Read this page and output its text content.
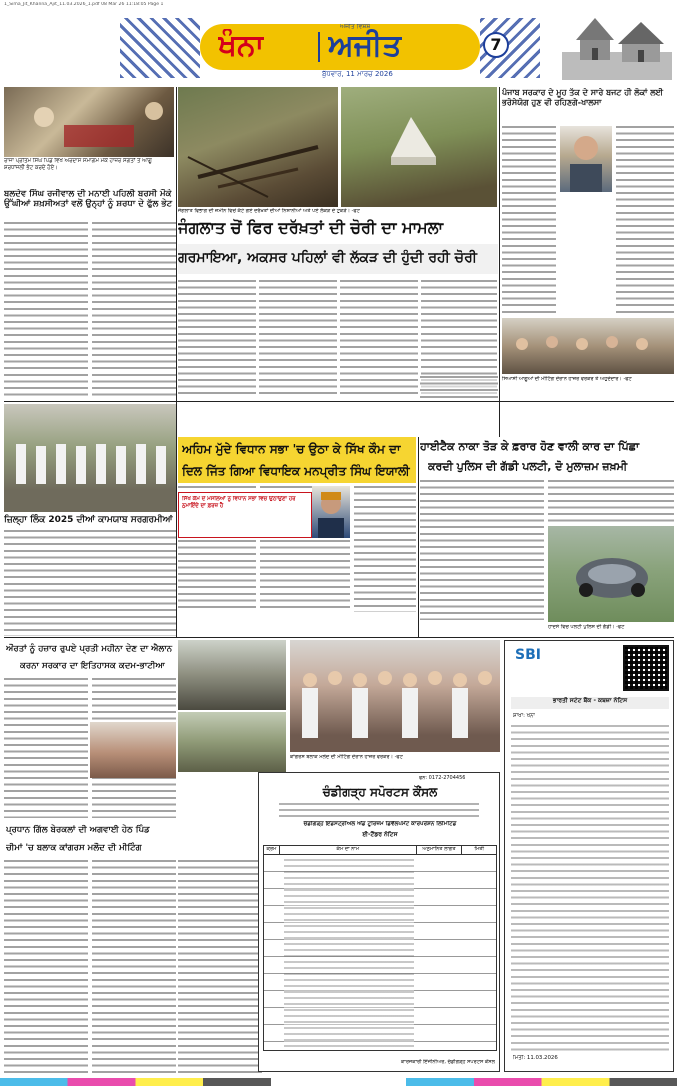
1_Sima_Jit_Khanna_Ajit_11.03.2026_1.pdf 08 Mar 26 11:18:05 Page 1
ਖੰਨਾ ਅਜੀਤ
ਅਜੀਤ ਵਿਸ਼ੇਸ਼
ਬੁੱਧਵਾਰ, 11 ਮਾਰਚ 2026
7
ਰਾਜਾ ਪ੍ਰੀਤਮ ਸਿੰਘ ਪਿੰਡ ਵਿਖੇ ਅਰਦਾਸ ਸਮਾਗਮ ਮੌਕੇ ਹਾਜ਼ਰ ਸੰਗਤਾਂ ਤੇ ਆਗੂ ਸ਼ਰਧਾਂਜਲੀ ਭੇਟ ਕਰਦੇ ਹੋਏ।
ਬਲਦੇਵ ਸਿੰਘ ਰਜੀਵਾਲ ਦੀ ਮਨਾਈ ਪਹਿਲੀ ਬਰਸੀ ਮੌਕੇ ਉੱਘੀਆਂ ਸ਼ਖ਼ਸੀਅਤਾਂ ਵਲੋਂ ਉਨ੍ਹਾਂ ਨੂੰ ਸ਼ਰਧਾ ਦੇ ਫੁੱਲ ਭੇਟ
ਜੰਗਲਾਤ ਵਿਭਾਗ ਦੀ ਜ਼ਮੀਨ ਵਿਚੋਂ ਕੱਟੇ ਗਏ ਦਰੱਖ਼ਤਾਂ ਦੀਆਂ ਨਿਸ਼ਾਨੀਆਂ ਅਤੇ ਪਏ ਲੱਕੜ ਦੇ ਟੁਕੜੇ। -ਫੋਟੋ
ਜੰਗਲਾਤ ਚੋਂ ਫਿਰ ਦਰੱਖ਼ਤਾਂ ਦੀ ਚੋਰੀ ਦਾ ਮਾਮਲਾ
ਗਰਮਾਇਆ, ਅਕਸਰ ਪਹਿਲਾਂ ਵੀ ਲੱਕੜ ਦੀ ਹੁੰਦੀ ਰਹੀ ਚੋਰੀ
ਪੰਜਾਬ ਸਰਕਾਰ ਦੇ ਮੂਹ ਤੱਕ ਦੇ ਸਾਰੇ ਬਜਟ ਹੀ ਲੋਕਾਂ ਲਈ ਭਰੋਸੇਯੋਗ ਹੁਣ ਵੀ ਰਹਿਣਗੇ-ਖਾਲਸਾ
ਸਿਆਸੀ ਆਗੂਆਂ ਦੀ ਮੀਟਿੰਗ ਦੌਰਾਨ ਹਾਜ਼ਰ ਵਰਕਰ ਤੇ ਅਹੁਦੇਦਾਰ। -ਫੋਟੋ
ਜ਼ਿਲ੍ਹਾ ਲਿੰਕ 2025 ਦੀਆਂ ਕਾਮਯਾਬ ਸਰਗਰਮੀਆਂ
ਅਹਿਮ ਮੁੱਦੇ ਵਿਧਾਨ ਸਭਾ 'ਚ ਉਠਾ ਕੇ ਸਿੱਖ ਕੌਮ ਦਾ
ਦਿਲ ਜਿੱਤ ਗਿਆ ਵਿਧਾਇਕ ਮਨਪ੍ਰੀਤ ਸਿੰਘ ਇਯਾਲੀ
ਸਿੱਖ ਕੌਮ ਦੇ ਮਸਲਿਆਂ ਨੂੰ ਵਿਧਾਨ ਸਭਾ ਵਿਚ ਉਠਾਉਣਾ ਹਰ ਨੁਮਾਇੰਦੇ ਦਾ ਫ਼ਰਜ਼ ਹੈ
ਹਾਈਟੈਕ ਨਾਕਾ ਤੋੜ ਕੇ ਫ਼ਰਾਰ ਹੋਣ ਵਾਲੀ ਕਾਰ ਦਾ ਪਿੱਛਾ
ਕਰਦੀ ਪੁਲਿਸ ਦੀ ਗੱਡੀ ਪਲਟੀ, ਦੋ ਮੁਲਾਜ਼ਮ ਜ਼ਖ਼ਮੀ
ਹਾਦਸੇ ਵਿਚ ਪਲਟੀ ਪੁਲਿਸ ਦੀ ਗੱਡੀ। -ਫੋਟੋ
ਔਰਤਾਂ ਨੂੰ ਹਜ਼ਾਰ ਰੁਪਏ ਪ੍ਰਤੀ ਮਹੀਨਾ ਦੇਣ ਦਾ ਐਲਾਨ
ਕਰਨਾ ਸਰਕਾਰ ਦਾ ਇਤਿਹਾਸਕ ਕਦਮ-ਭਾਟੀਆ
ਕਾਂਗਰਸ ਬਲਾਕ ਮਲੌਦ ਦੀ ਮੀਟਿੰਗ ਦੌਰਾਨ ਹਾਜ਼ਰ ਵਰਕਰ। -ਫੋਟੋ
ਪ੍ਰਧਾਨ ਗਿੱਲ ਬੇਰਕਲਾਂ ਦੀ ਅਗਵਾਈ ਹੇਠ ਪਿੰਡ
ਚੀਮਾਂ 'ਚ ਬਲਾਕ ਕਾਂਗਰਸ ਮਲੌਦ ਦੀ ਮੀਟਿੰਗ
ਫੋਨ: 0172-2704456
ਚੰਡੀਗੜ੍ਹ ਸਪੋਰਟਸ ਕੌਂਸਲ
ਚੰਡੀਗੜ੍ਹ ਇੰਡਸਟ੍ਰੀਅਲ ਐਂਡ ਟੂਰਿਜ਼ਮ ਡਿਵੈਲਪਮੈਂਟ ਕਾਰਪੋਰੇਸ਼ਨ ਲਿਮਿਟਿਡ
ਈ-ਟੈਂਡਰ ਨੋਟਿਸ
ਕ੍ਰਮ	ਕੰਮ ਦਾ ਨਾਮ	ਅਨੁਮਾਨਿਤ ਲਾਗਤ	ਮਿਤੀ
ਕਾਰਜਕਾਰੀ ਇੰਜੀਨੀਅਰ, ਚੰਡੀਗੜ੍ਹ ਸਪੋਰਟਸ ਕੌਂਸਲ
SBI
ਭਾਰਤੀ ਸਟੇਟ ਬੈਂਕ - ਕਬਜ਼ਾ ਨੋਟਿਸ
ਸ਼ਾਖਾ: ਖੰਨਾ
ਮਿਤੀ: 11.03.2026
